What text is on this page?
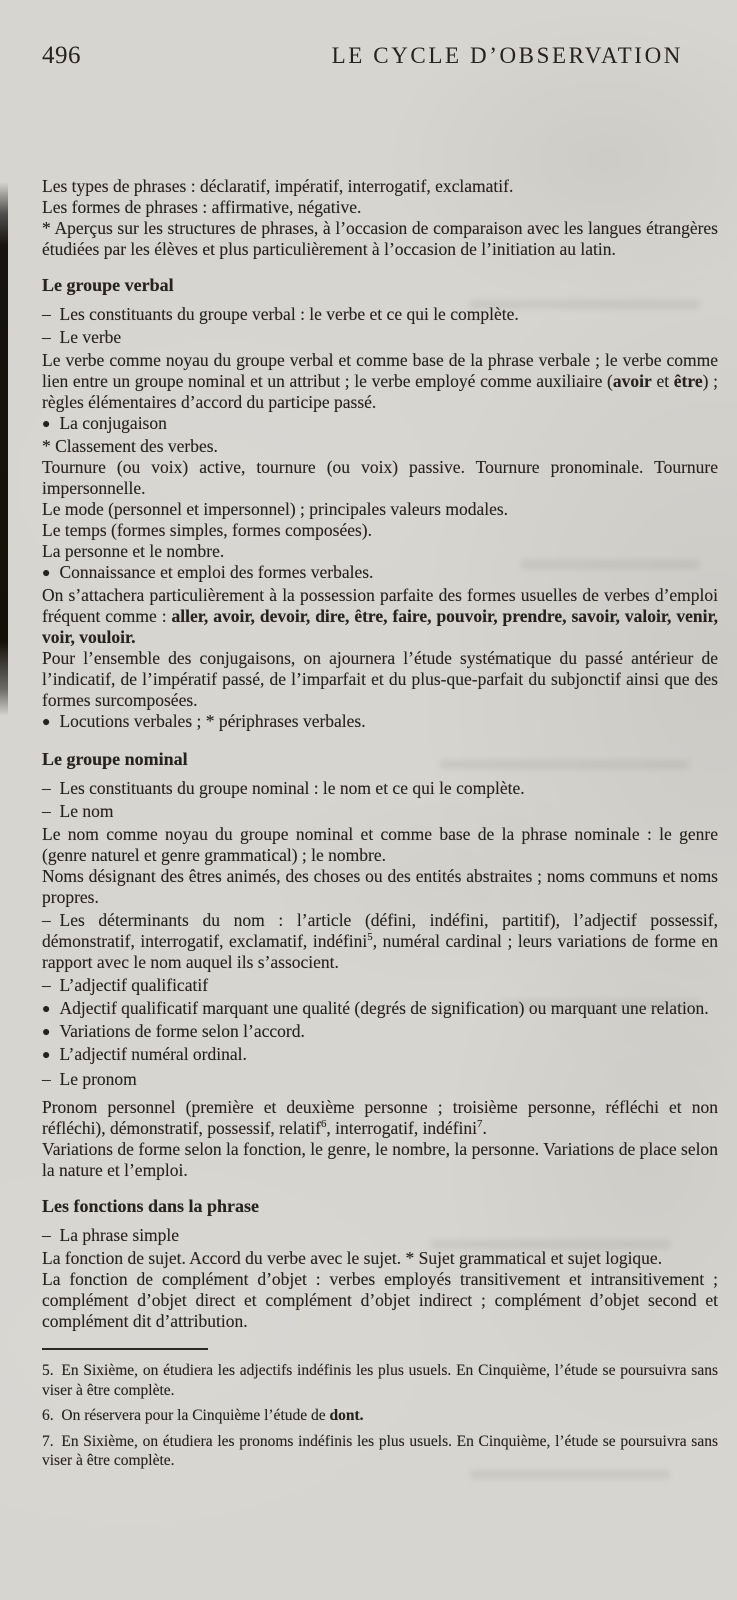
496	LE CYCLE D’OBSERVATION

Les types de phrases : déclaratif, impératif, interrogatif, exclamatif.

Les formes de phrases : affirmative, négative.

* Aperçus sur les structures de phrases, à l’occasion de comparaison avec les langues étrangères étudiées par les élèves et plus particulièrement à l’occasion de l’initiation au latin.

Le groupe verbal

– Les constituants du groupe verbal : le verbe et ce qui le complète.

– Le verbe

Le verbe comme noyau du groupe verbal et comme base de la phrase verbale ; le verbe comme lien entre un groupe nominal et un attribut ; le verbe employé comme auxiliaire (avoir et être) ; règles élémentaires d’accord du participe passé.

● La conjugaison

* Classement des verbes.

Tournure (ou voix) active, tournure (ou voix) passive. Tournure pronominale. Tournure impersonnelle.

Le mode (personnel et impersonnel) ; principales valeurs modales.

Le temps (formes simples, formes composées).

La personne et le nombre.

● Connaissance et emploi des formes verbales.

On s’attachera particulièrement à la possession parfaite des formes usuelles de verbes d’emploi fréquent comme : aller, avoir, devoir, dire, être, faire, pouvoir, prendre, savoir, valoir, venir, voir, vouloir.

Pour l’ensemble des conjugaisons, on ajournera l’étude systématique du passé antérieur de l’indicatif, de l’impératif passé, de l’imparfait et du plus-que-parfait du subjonctif ainsi que des formes surcomposées.

● Locutions verbales ; * périphrases verbales.

Le groupe nominal

– Les constituants du groupe nominal : le nom et ce qui le complète.

– Le nom

Le nom comme noyau du groupe nominal et comme base de la phrase nominale : le genre (genre naturel et genre grammatical) ; le nombre.

Noms désignant des êtres animés, des choses ou des entités abstraites ; noms communs et noms propres.

– Les déterminants du nom : l’article (défini, indéfini, partitif), l’adjectif possessif, démonstratif, interrogatif, exclamatif, indéfini$^5$, numéral cardinal ; leurs variations de forme en rapport avec le nom auquel ils s’associent.

– L’adjectif qualificatif

● Adjectif qualificatif marquant une qualité (degrés de signification) ou marquant une relation.

● Variations de forme selon l’accord.

● L’adjectif numéral ordinal.

– Le pronom

Pronom personnel (première et deuxième personne ; troisième personne, réfléchi et non réfléchi), démonstratif, possessif, relatif$^6$, interrogatif, indéfini$^7$.

Variations de forme selon la fonction, le genre, le nombre, la personne. Variations de place selon la nature et l’emploi.

Les fonctions dans la phrase

– La phrase simple

La fonction de sujet. Accord du verbe avec le sujet. * Sujet grammatical et sujet logique.

La fonction de complément d’objet : verbes employés transitivement et intransitivement ; complément d’objet direct et complément d’objet indirect ; complément d’objet second et complément dit d’attribution.

5. En Sixième, on étudiera les adjectifs indéfinis les plus usuels. En Cinquième, l’étude se poursuivra sans viser à être complète.

6. On réservera pour la Cinquième l’étude de dont.

7. En Sixième, on étudiera les pronoms indéfinis les plus usuels. En Cinquième, l’étude se poursuivra sans viser à être complète.
